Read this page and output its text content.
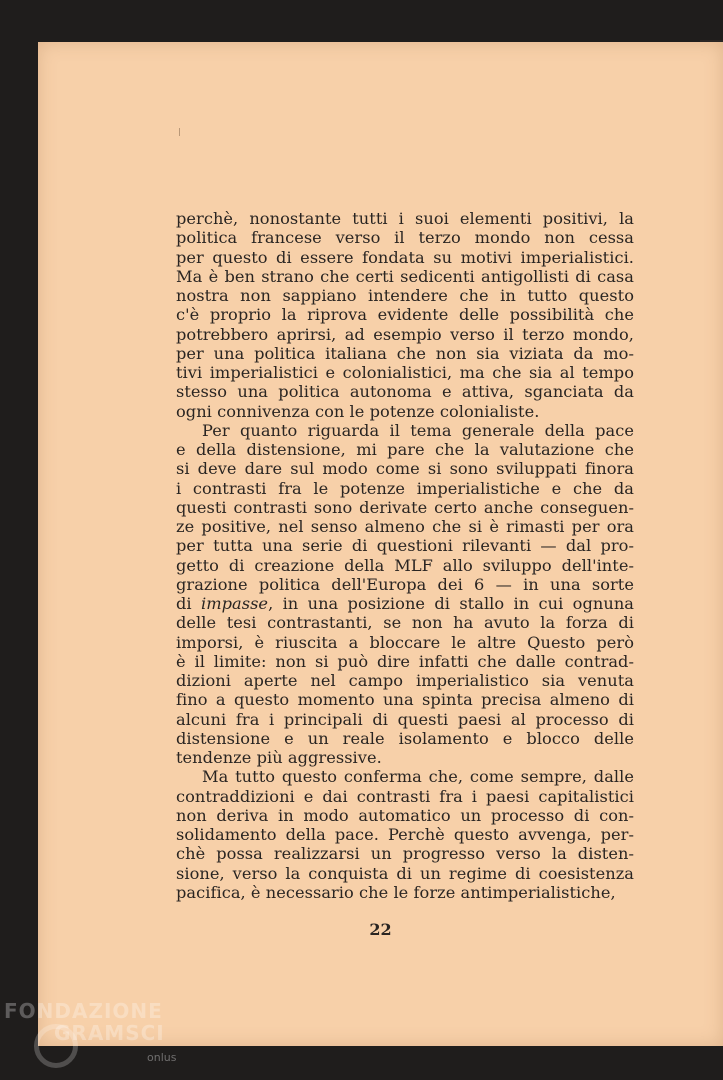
perchè, nonostante tutti i suoi elementi positivi, la

politica francese verso il terzo mondo non cessa

per questo di essere fondata su motivi imperialistici.

Ma è ben strano che certi sedicenti antigollisti di casa

nostra non sappiano intendere che in tutto questo

c'è proprio la riprova evidente delle possibilità che

potrebbero aprirsi, ad esempio verso il terzo mondo,

per una politica italiana che non sia viziata da mo-

tivi imperialistici e colonialistici, ma che sia al tempo

stesso una politica autonoma e attiva, sganciata da

ogni connivenza con le potenze colonialiste.

Per quanto riguarda il tema generale della pace

e della distensione, mi pare che la valutazione che

si deve dare sul modo come si sono sviluppati finora

i contrasti fra le potenze imperialistiche e che da

questi contrasti sono derivate certo anche conseguen-

ze positive, nel senso almeno che si è rimasti per ora

per tutta una serie di questioni rilevanti — dal pro-

getto di creazione della MLF allo sviluppo dell'inte-

grazione politica dell'Europa dei 6 — in una sorte

di impasse, in una posizione di stallo in cui ognuna

delle tesi contrastanti, se non ha avuto la forza di

imporsi, è riuscita a bloccare le altre Questo però

è il limite: non si può dire infatti che dalle contrad-

dizioni aperte nel campo imperialistico sia venuta

fino a questo momento una spinta precisa almeno di

alcuni fra i principali di questi paesi al processo di

distensione e un reale isolamento e blocco delle

tendenze più aggressive.

Ma tutto questo conferma che, come sempre, dalle

contraddizioni e dai contrasti fra i paesi capitalistici

non deriva in modo automatico un processo di con-

solidamento della pace. Perchè questo avvenga, per-

chè possa realizzarsi un progresso verso la disten-

sione, verso la conquista di un regime di coesistenza

pacifica, è necessario che le forze antimperialistiche,

22
FONDAZIONE
GRAMSCI
onlus
